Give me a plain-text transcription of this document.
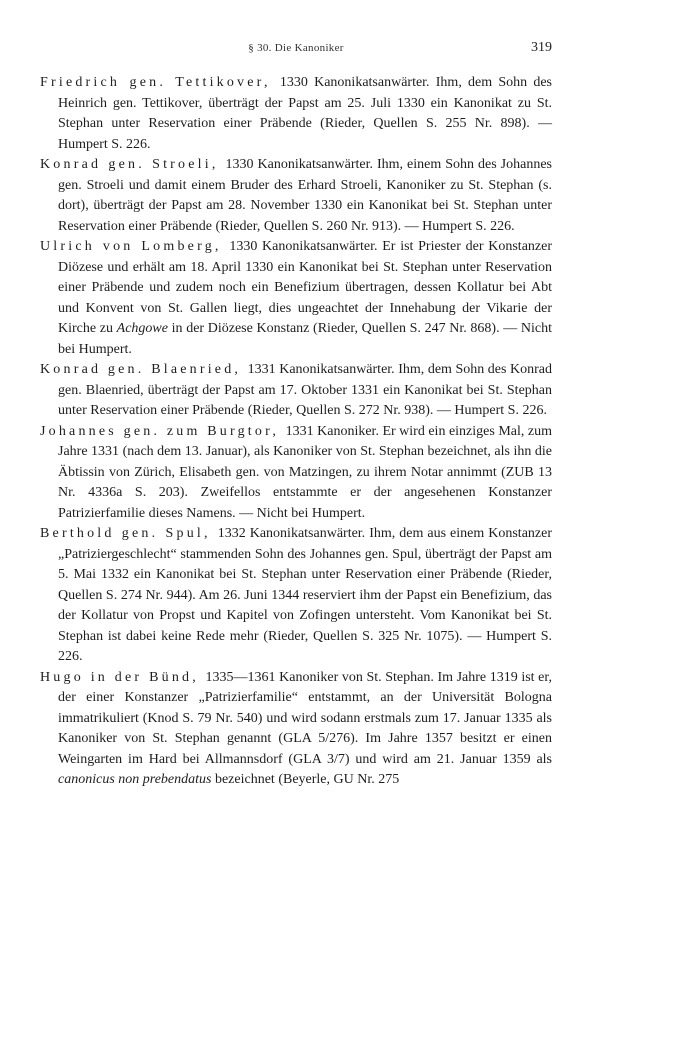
§ 30. Die Kanoniker	319

Friedrich gen. Tettikover, 1330 Kanonikatsanwärter. Ihm, dem Sohn des Heinrich gen. Tettikover, überträgt der Papst am 25. Juli 1330 ein Kanonikat zu St. Stephan unter Reservation einer Präbende (Rieder, Quellen S. 255 Nr. 898). — Humpert S. 226.

Konrad gen. Stroeli, 1330 Kanonikatsanwärter. Ihm, einem Sohn des Johannes gen. Stroeli und damit einem Bruder des Erhard Stroeli, Kanoniker zu St. Stephan (s. dort), überträgt der Papst am 28. November 1330 ein Kanonikat bei St. Stephan unter Reservation einer Präbende (Rieder, Quellen S. 260 Nr. 913). — Humpert S. 226.

Ulrich von Lomberg, 1330 Kanonikatsanwärter. Er ist Priester der Konstanzer Diözese und erhält am 18. April 1330 ein Kanonikat bei St. Stephan unter Reservation einer Präbende und zudem noch ein Benefizium übertragen, dessen Kollatur bei Abt und Konvent von St. Gallen liegt, dies ungeachtet der Innehabung der Vikarie der Kirche zu Achgowe in der Diözese Konstanz (Rieder, Quellen S. 247 Nr. 868). — Nicht bei Humpert.

Konrad gen. Blaenried, 1331 Kanonikatsanwärter. Ihm, dem Sohn des Konrad gen. Blaenried, überträgt der Papst am 17. Oktober 1331 ein Kanonikat bei St. Stephan unter Reservation einer Präbende (Rieder, Quellen S. 272 Nr. 938). — Humpert S. 226.

Johannes gen. zum Burgtor, 1331 Kanoniker. Er wird ein einziges Mal, zum Jahre 1331 (nach dem 13. Januar), als Kanoniker von St. Stephan bezeichnet, als ihn die Äbtissin von Zürich, Elisabeth gen. von Matzingen, zu ihrem Notar annimmt (ZUB 13 Nr. 4336a S. 203). Zweifellos entstammte er der angesehenen Konstanzer Patrizierfamilie dieses Namens. — Nicht bei Humpert.

Berthold gen. Spul, 1332 Kanonikatsanwärter. Ihm, dem aus einem Konstanzer „Patriziergeschlecht“ stammenden Sohn des Johannes gen. Spul, überträgt der Papst am 5. Mai 1332 ein Kanonikat bei St. Stephan unter Reservation einer Präbende (Rieder, Quellen S. 274 Nr. 944). Am 26. Juni 1344 reserviert ihm der Papst ein Benefizium, das der Kollatur von Propst und Kapitel von Zofingen untersteht. Vom Kanonikat bei St. Stephan ist dabei keine Rede mehr (Rieder, Quellen S. 325 Nr. 1075). — Humpert S. 226.

Hugo in der Bünd, 1335—1361 Kanoniker von St. Stephan. Im Jahre 1319 ist er, der einer Konstanzer „Patrizierfamilie“ entstammt, an der Universität Bologna immatrikuliert (Knod S. 79 Nr. 540) und wird sodann erstmals zum 17. Januar 1335 als Kanoniker von St. Stephan genannt (GLA 5/276). Im Jahre 1357 besitzt er einen Weingarten im Hard bei Allmannsdorf (GLA 3/7) und wird am 21. Januar 1359 als canonicus non prebendatus bezeichnet (Beyerle, GU Nr. 275
